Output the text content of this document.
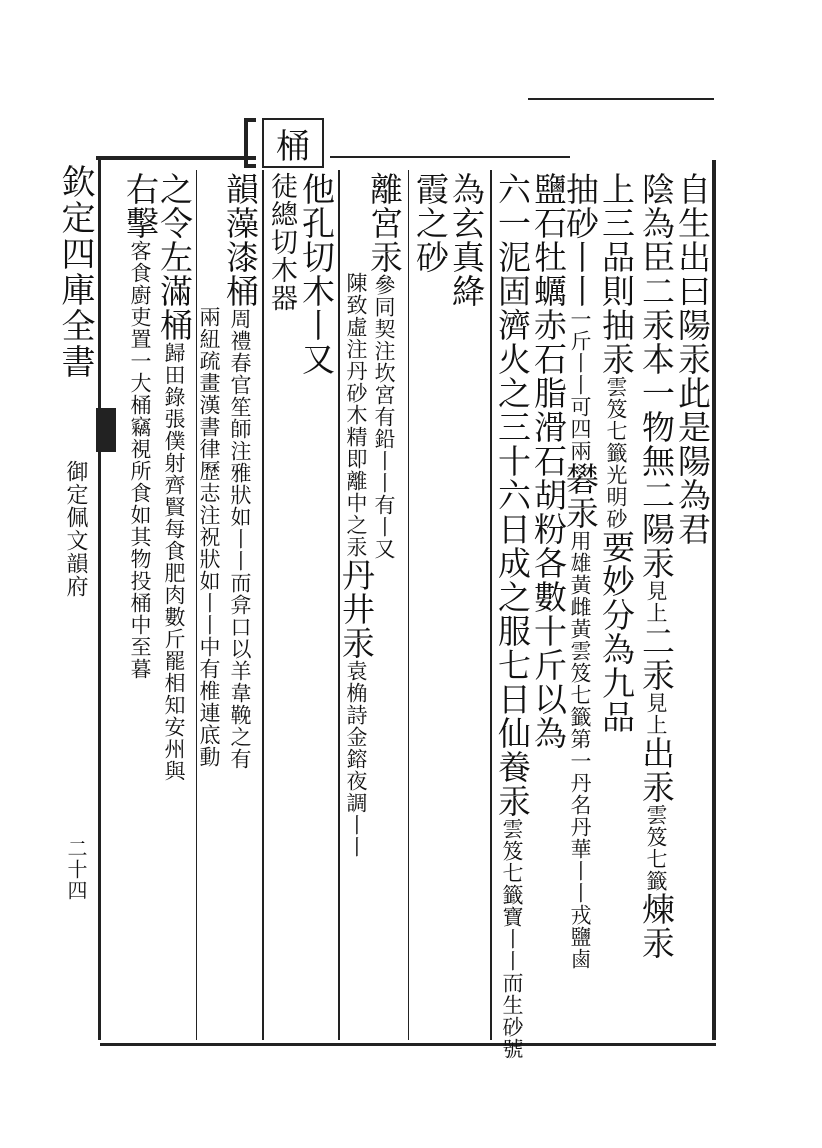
桶
欽定四庫全書
御定佩文韻府
二十四
自生出曰陽汞此是陽為君
陰為臣二汞本一物無二陽汞見上二汞見上出汞雲笈七籤煉汞
上三品則抽汞雲笈七籤光明砂要妙分為九品
抽砂丨丨一斤丨丨可四兩礬汞用雄黃雌黃雲笈七籤第一丹名丹華丨丨戎鹽鹵
鹽石牡蠣赤石脂滑石胡粉各數十斤以為
六一泥固濟火之三十六日成之服七日仙養汞雲笈七籤寶丨丨而生砂號
為玄真絳
霞之砂
離宮汞參同契注坎宮有鉛丨丨有丨又
陳致虛注丹砂木精即離中之汞丹井汞袁桷詩金鎔夜調丨丨
他孔切木丨又
徒總切木器
韻藻漆桶周禮春官笙師注雅狀如丨丨而弇口以羊韋鞔之有
兩紐疏畫漢書律歷志注祝狀如丨丨中有椎連底動
之令左滿桶歸田錄張僕射齊賢每食肥肉數斤罷相知安州與
右擊客食廚吏置一大桶竊視所食如其物投桶中至暮
